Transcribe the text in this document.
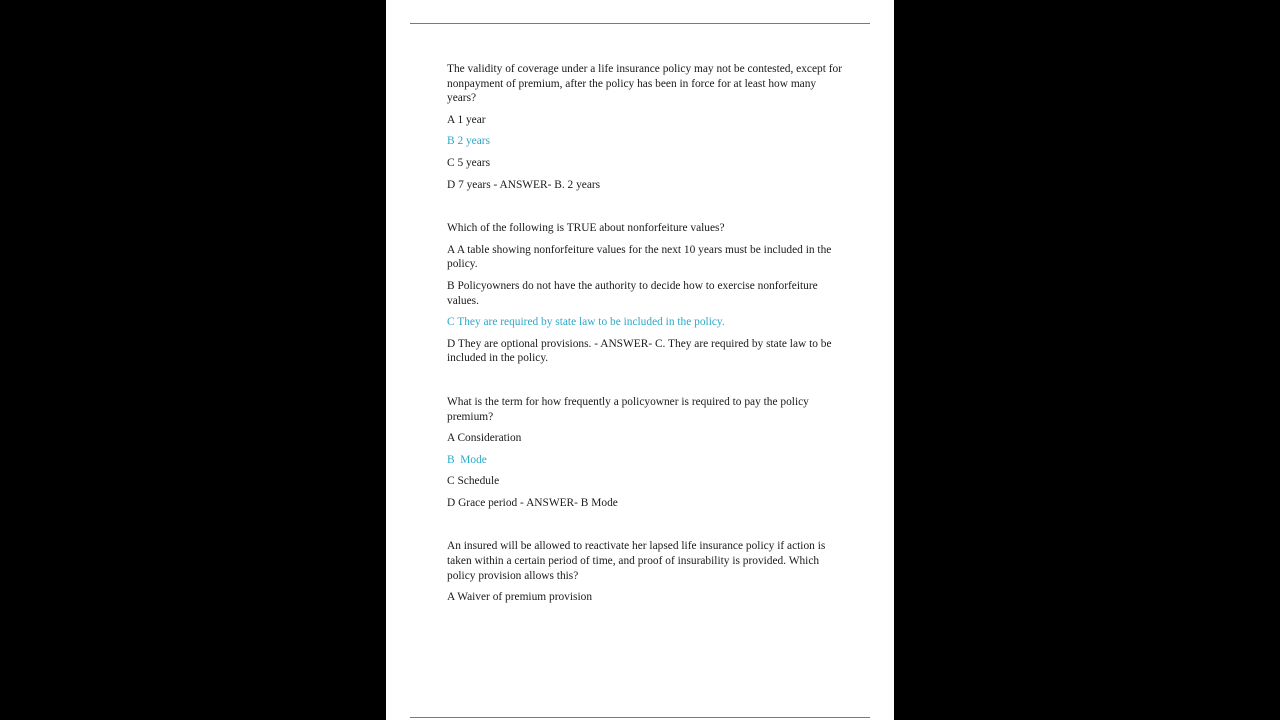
The validity of coverage under a life insurance policy may not be contested, except for nonpayment of premium, after the policy has been in force for at least how many years?

A 1 year

B 2 years

C 5 years

D 7 years - ANSWER- B. 2 years

Which of the following is TRUE about nonforfeiture values?

A A table showing nonforfeiture values for the next 10 years must be included in the policy.

B Policyowners do not have the authority to decide how to exercise nonforfeiture values.

C They are required by state law to be included in the policy.

D They are optional provisions. - ANSWER- C. They are required by state law to be included in the policy.

What is the term for how frequently a policyowner is required to pay the policy premium?

A Consideration

B  Mode

C Schedule

D Grace period - ANSWER- B Mode

An insured will be allowed to reactivate her lapsed life insurance policy if action is taken within a certain period of time, and proof of insurability is provided. Which policy provision allows this?

A Waiver of premium provision
